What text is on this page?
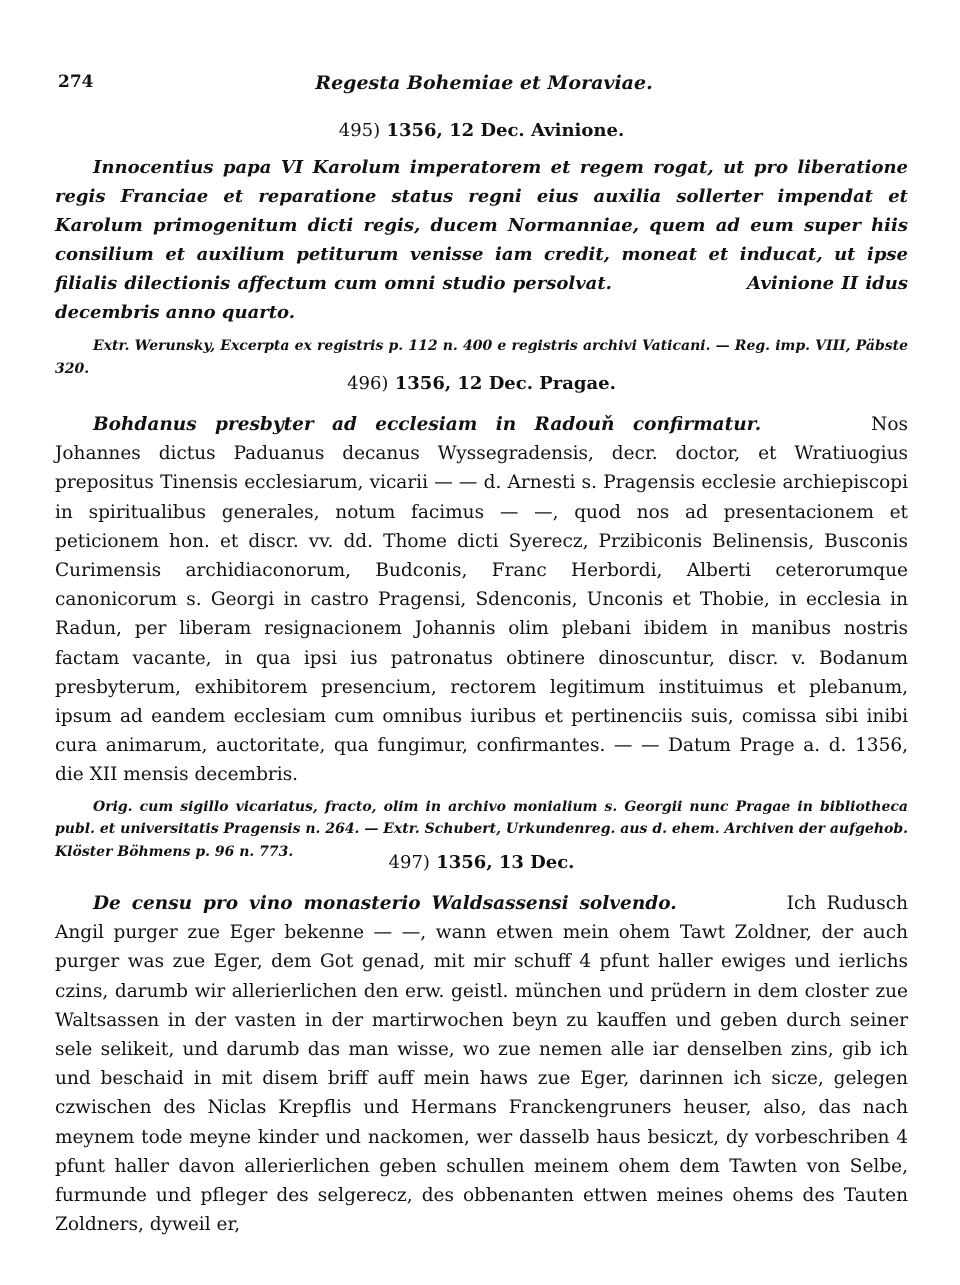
274	Regesta Bohemiae et Moraviae.

495) 1356, 12 Dec. Avinione.

Innocentius papa VI Karolum imperatorem et regem rogat, ut pro liberatione regis Franciae et reparatione status regni eius auxilia sollerter impendat et Karolum primogenitum dicti regis, ducem Normanniae, quem ad eum super hiis consilium et auxilium petiturum venisse iam credit, moneat et inducat, ut ipse filialis dilectionis affectum cum omni studio persolvat.	Avinione II idus decembris anno quarto.

Extr. Werunsky, Excerpta ex registris p. 112 n. 400 e registris archivi Vaticani. — Reg. imp. VIII, Päbste 320.

496) 1356, 12 Dec. Pragae.

Bohdanus presbyter ad ecclesiam in Radouň confirmatur.	Nos Johannes dictus Paduanus decanus Wyssegradensis, decr. doctor, et Wratiuogius prepositus Tinensis ecclesiarum, vicarii — — d. Arnesti s. Pragensis ecclesie archiepiscopi in spiritualibus generales, notum facimus — —, quod nos ad presentacionem et peticionem hon. et discr. vv. dd. Thome dicti Syerecz, Przibiconis Belinensis, Busconis Curimensis archidiaconorum, Budconis, Franc Herbordi, Alberti ceterorumque canonicorum s. Georgi in castro Pragensi, Sdenconis, Unconis et Thobie, in ecclesia in Radun, per liberam resignacionem Johannis olim plebani ibidem in manibus nostris factam vacante, in qua ipsi ius patronatus obtinere dinoscuntur, discr. v. Bodanum presbyterum, exhibitorem presencium, rectorem legitimum instituimus et plebanum, ipsum ad eandem ecclesiam cum omnibus iuribus et pertinenciis suis, comissa sibi inibi cura animarum, auctoritate, qua fungimur, confirmantes. — — Datum Prage a. d. 1356, die XII mensis decembris.

Orig. cum sigillo vicariatus, fracto, olim in archivo monialium s. Georgii nunc Pragae in bibliotheca publ. et universitatis Pragensis n. 264. — Extr. Schubert, Urkundenreg. aus d. ehem. Archiven der aufgehob. Klöster Böhmens p. 96 n. 773.

497) 1356, 13 Dec.

De censu pro vino monasterio Waldsassensi solvendo.	Ich Rudusch Angil purger zue Eger bekenne — —, wann etwen mein ohem Tawt Zoldner, der auch purger was zue Eger, dem Got genad, mit mir schuff 4 pfunt haller ewiges und ierlichs czins, darumb wir allerierlichen den erw. geistl. münchen und prüdern in dem closter zue Waltsassen in der vasten in der martirwochen beyn zu kauffen und geben durch seiner sele selikeit, und darumb das man wisse, wo zue nemen alle iar denselben zins, gib ich und beschaid in mit disem briff auff mein haws zue Eger, darinnen ich sicze, gelegen czwischen des Niclas Krepflis und Hermans Franckengruners heuser, also, das nach meynem tode meyne kinder und nackomen, wer dasselb haus besiczt, dy vorbeschriben 4 pfunt haller davon allerierlichen geben schullen meinem ohem dem Tawten von Selbe, furmunde und pfleger des selgerecz, des obbenanten ettwen meines ohems des Tauten Zoldners, dyweil er,
